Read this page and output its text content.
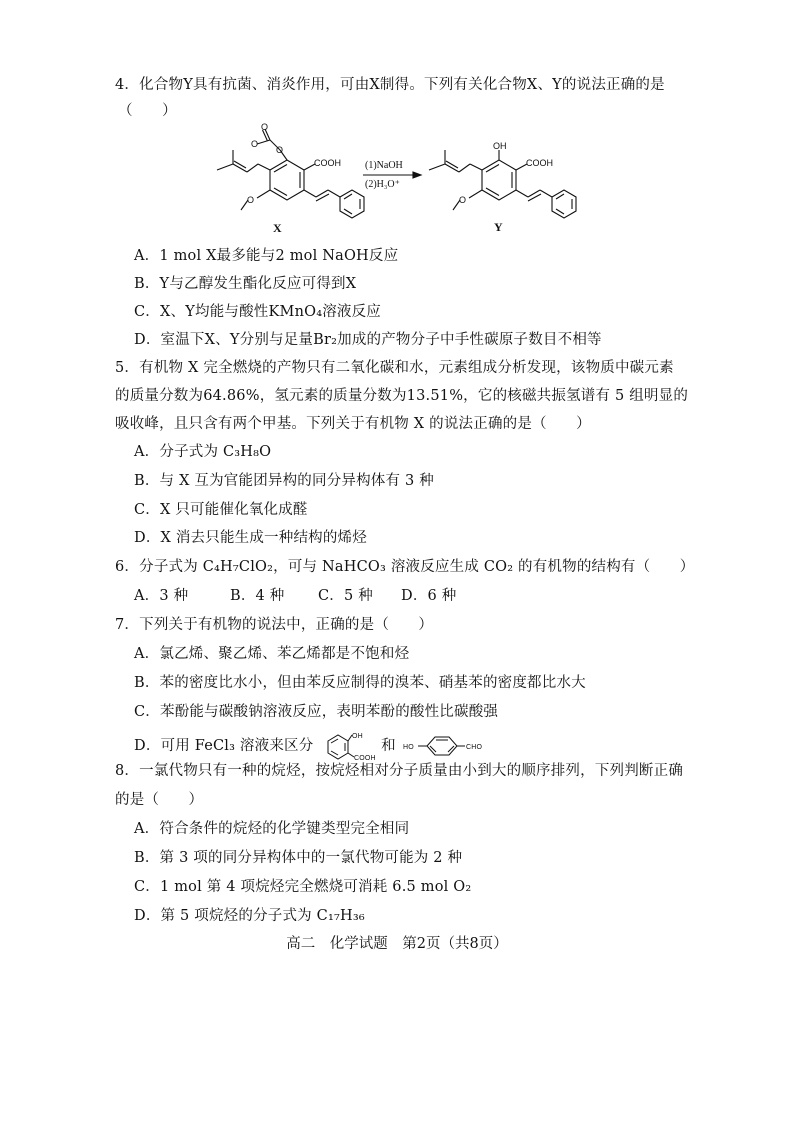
4．化合物Y具有抗菌、消炎作用，可由X制得。下列有关化合物X、Y的说法正确的是
（　　）
O
O
O
O
COOH (1)NaOH
(2)H₃O⁺
OH
COOH
O
X	Y
A．1 mol X最多能与2 mol NaOH反应
B．Y与乙醇发生酯化反应可得到X
C．X、Y均能与酸性KMnO₄溶液反应
D．室温下X、Y分别与足量Br₂加成的产物分子中手性碳原子数目不相等
5．有机物 X 完全燃烧的产物只有二氧化碳和水，元素组成分析发现，该物质中碳元素
的质量分数为64.86%，氢元素的质量分数为13.51%，它的核磁共振氢谱有 5 组明显的
吸收峰，且只含有两个甲基。下列关于有机物 X 的说法正确的是（　　）
A．分子式为 C₃H₈O
B．与 X 互为官能团异构的同分异构体有 3 种
C．X 只可能催化氧化成醛
D．X 消去只能生成一种结构的烯烃
6．分子式为 C₄H₇ClO₂，可与 NaHCO₃ 溶液反应生成 CO₂ 的有机物的结构有（　　）
A．3 种	B．4 种 C．5 种 D．6 种
7．下列关于有机物的说法中，正确的是（　　）
A．氯乙烯、聚乙烯、苯乙烯都是不饱和烃
B．苯的密度比水小，但由苯反应制得的溴苯、硝基苯的密度都比水大
C．苯酚能与碳酸钠溶液反应，表明苯酚的酸性比碳酸强
D．可用 FeCl₃ 溶液来区分
OH
COOH
和 HO	CHO
8．一氯代物只有一种的烷烃，按烷烃相对分子质量由小到大的顺序排列，下列判断正确
的是（　　）
A．符合条件的烷烃的化学键类型完全相同
B．第 3 项的同分异构体中的一氯代物可能为 2 种
C．1 mol 第 4 项烷烃完全燃烧可消耗 6.5 mol O₂
D．第 5 项烷烃的分子式为 C₁₇H₃₆
高二　化学试题　第2页（共8页）
